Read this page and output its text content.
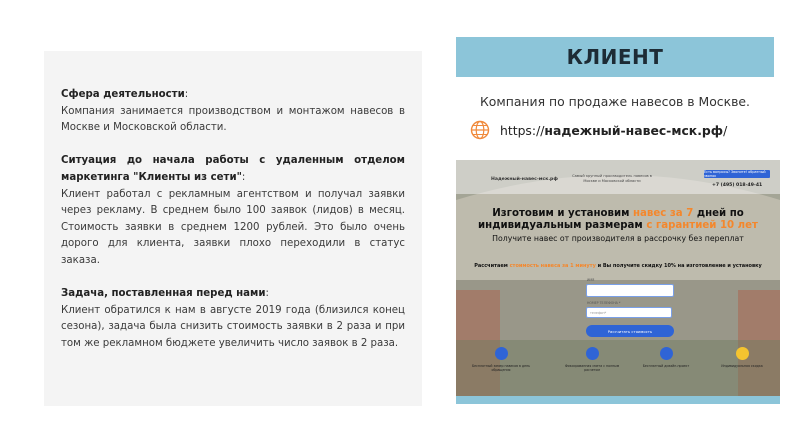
Сфера деятельности:

Компания занимается производством и монтажом навесов в Москве и Московской области.

Ситуация до начала работы с удаленным отделом маркетинга "Клиенты из сети":

Клиент работал с рекламным агентством и получал заявки через рекламу. В среднем было 100 заявок (лидов) в месяц. Стоимость заявки в среднем 1200 рублей. Это было очень дорого для клиента, заявки плохо переходили в статус заказа.

Задача, поставленная перед нами:

Клиент обратился к нам в августе 2019 года (близился конец сезона), задача была снизить стоимость заявки в 2 раза и при том же рекламном бюджете увеличить число заявок в 2 раза.

КЛИЕНТ
Компания по продаже навесов в Москве.
https://надежный-навес-мск.рф/
Надежный-навес-мск.рф
Самый крупный производитель навесов в Москве и Московской области
Есть вопросы? Звоните! обратный звонок
+7 (495) 018-49-41
Изготовим и установим навес за 7 дней по
индивидуальным размерам с гарантией 10 лет
Получите навес от производителя в рассрочку без переплат
Рассчитаем стоимость навеса за 1 минуту и Вы получите скидку 10% на изготовление и установку
ИМЯ
НОМЕР ТЕЛЕФОНА *
телефон*
Рассчитать стоимость
Бесплатный замер навесов в день обращения
Фиксированная смета с полным расчетом
Бесплатный дизайн-проект	Индивидуальная скидка
